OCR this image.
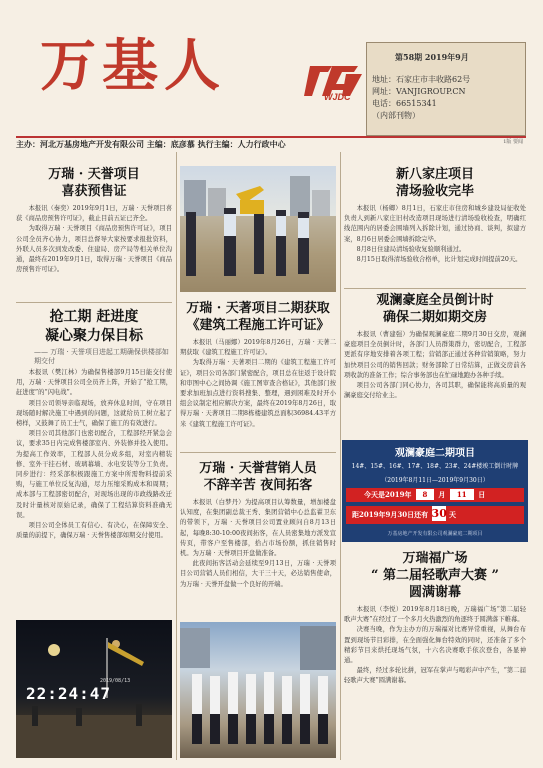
万基人	WJDC
第58期 2019年9月
地址：石家庄市丰收路62号
网址：VANJIGROUP.CN
电话：66515341
（内部刊物）
主办：河北万基房地产开发有限公司 主编：底彦慕 执行主编：人力行政中心	1版 要闻
万瑞 · 天誉项目
喜获预售证

本报讯（秦奕）2019年9月1日，万瑞 · 天誉项目喜获《商品房预售许可证》，截止目前五证已齐全。

为取得万瑞 · 天誉项目《商品房预售许可证》，项目公司全员齐心协力，项目总督导大家按要求报批资料，外联人员多次到发改委、住建局、房产局等相关单位沟通，最终在2019年9月1日，取得万瑞 · 天誉项目《商品房预售许可证》。

抢工期 赶进度
凝心聚力保目标
—— 万瑞 · 天誉项目进起工期确保供楼部如期交付

本报讯（樊江林）为确保售楼部9月15日能交付使用，万瑞 · 天誉项目公司全员齐上阵，开始了“抢工期，赶进度”的“闪电战”。

项目公司领导亲临现场，放弃休息时间，守在项目现场随时解决施工中遇到的问题，这就给员工树立起了榜样，又鼓舞了员工士气，确保了施工的有效进行。

项目公司其他部门也密切配合，工程部经开紧急会议，要求35日内完成售楼部室内、外装修并投入使用。为提高工作效率，工程部人员分成多组，对室内精装修、室外干挂石材、玻璃幕墙、水电安装等分工负责。同步进行：经采部积极跟施工方案中所需物料提前采购，与施工单位反复沟通，尽力压缩采购成本和周期；成本部与工程部密切配合，对现场出现的市政线路改迁及时计量核对原始记录，确保了工程结算资料准确无误。

项目公司全体员工有信心、有决心，在保障安全、质量的前提下，确保万瑞 · 天誉售楼部如期交付使用。

22:24:47
2019/08/13
万瑞 · 天著项目二期获取
《建筑工程施工许可证》

本报讯（马丽娜）2019年8月26日，万瑞 · 天著二期获取《建筑工程施工许可证》。

为取得万瑞 · 天著项目二期的《建筑工程施工许可证》，项目公司各部门紧密配合，项目总在往返于设计院和审图中心之间协调《施工图审查合格证》，其他部门按要求加班加点进行资料搜集、整理，遇到困难及时开小组会议制定相应解决方案，最终在2019年8月26日，取得万瑞 · 天著项目二期8栋楼建筑总面积36984.43平方米《建筑工程施工许可证》。

万瑞 · 天誉营销人员
不辞辛苦 夜间拓客

本报讯（白梦丹）为提高项目认筹数量，增加楼盘认知度，在集团副总裁王秀、集团营销中心总监翟卫东的带领下，万瑞 · 天誉项目公司置业顾问自8月13日起，每晚8:30-10:00夜间拓客，在人员密集地方派发宣传页，带客户至售楼部，拾占市场份额，抓住销售时机。为万瑞 · 天誉项目开盘做准备。

此夜间拓客活动会延续至9月13日，万瑞 · 天誉项目公司营销人员们相信，大干三十天，必达销售使命，为万瑞 · 天誉开盘做一个良好的开端。

新八家庄项目
清场验收完毕

本报讯（杨卿）8月1日，石家庄市住房和城乡建设局征收处负责人到新八家庄旧村改造项目现场进行清场验收检查，明确红线范围内的居委会围墙列入拆除计划，通过协商、谈判，拟建方案，8月6日居委会围墙拆除完毕。

8月8日住建局清场验收复验顺利通过。

8月15日取得清场验收合格单，比计划完成时间提前20天。

观澜豪庭全员倒计时
确保二期如期交房

本报讯（曹建强）为确保观澜豪庭二期9月30日交房，观澜豪庭项目全员倒计时，各部门人员群策群力，密切配合，工程部更派有序地安排着各项工程；营销部正通过各种营销策略，努力加快项目公司的销售回款；财务部除了日常结算，正做交房前各项收款的准备工作；综合事务部也在忙碌地跑办各种手续。

项目公司各部门同心协力，各司其职，确保能将高质量的观澜豪庭交付给业主。

观澜豪庭二期项目
14#、15#、16#、17#、18#、23#、24#楼竣工倒计时牌
（2019年8月11日—2019年9月30日）
今天是2019年 8 月 11 日
距2019年9月30日还有 30 天
万基房地产开发有限公司观澜豪庭二期项目
万瑞福广场
“ 第二届轻歌声大赛 ”
圆满谢幕

本报讯（李悦）2019年8月18日晚，万瑞福广场“第二届轻歌声大赛”在经过了一个多月火热激烈的角逐终于圆满落下帷幕。

决赛当晚，作为主办方的万瑞福对比赛异常重视，从舞台布置到现场节目彩排，在全面强化舞台特效的同时，还准备了多个精彩节目来烘托现场气氛，十六名决赛歌手依次登台，各显神通。

最终，经过多轮比拼，冠军在掌声与喝彩声中产生，“第二届轻歌声大赛”圆满谢幕。
